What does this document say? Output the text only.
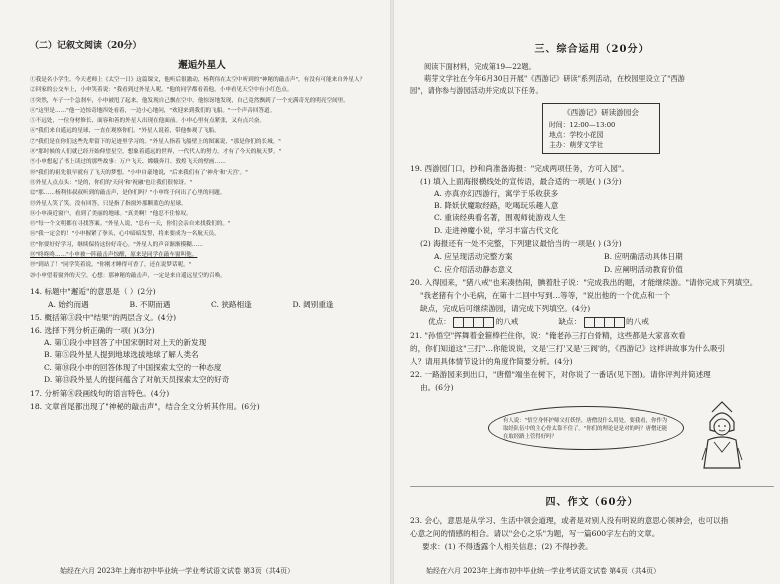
（二）记叙文阅读（20分）

邂逅外星人

①我是名小学生。今天老师上《太空一日》这篇课文，他听后很激动，杨利伟在太空中听到的"神秘的敲击声"，有没有可能来自外星人？

②回家的公交车上，小申笑着说："我看到过外星人呢。"他的同学都看着他，小申看见天空中有小红色点。

③突然，车子一个急刹车，小申被甩了起来。他发现自己飘在空中。他惊讶地发现，自己竟然飘到了一个充满奇光的明亮空间里。

④"这里是……"他一边惊奇地四处看着，一边小心地问，"欢迎来到我们的飞船。"一个声音回答道。

⑤不远处，一位身材修长、面容和善的外星人出现在他面前。小申心里有点紧张，又有点兴奋。

⑥"我们来自遥远的星球，一直在观察你们。"外星人说着，带他参观了飞船。

⑦"我们是在你们这些先辈留下的足迹里学习的。"外星人指着飞船壁上的图案说，"那是你们的长城。"

⑧"那时候的人们就已经开始仰望星空，想象着遥远的世界，一代代人的努力，才有了今天的航天梦。"

⑨小申想起了书上读过的那些故事：万户飞天、嫦娥奔月、敦煌飞天的壁画……

⑩"我们的祖先很早就有了飞天的梦想。"小申自豪地说，"后来我们有了'神舟'和'天宫'。"

⑪外星人点点头："是的，你们的'天问'和'祝融'也让我们很惊讶。"

⑫"那……杨利伟叔叔听到的敲击声，是你们吗？"小申终于问出了心里的问题。

⑬外星人笑了笑，没有回答，只是指了指窗外那颗蓝色的星球。

⑭小申凑近窗户，看到了美丽的地球。"真美啊！"他忍不住惊叹。

⑮"每一个文明都在寻找答案。"外星人说，"总有一天，你们会亲自来找我们的。"

⑯"我一定会的！"小申握紧了拳头，心中暗暗发誓，将来要成为一名航天员。

⑰"你要好好学习，继续保持这份好奇心。"外星人的声音渐渐模糊……

⑱"咚咚咚……"小申被一阵敲击声惊醒，原来是同学在敲车窗叫他。

⑲"到站了！"同学笑着说，"你刚才睡得可香了，还在说梦话呢。"

⑳小申望着窗外的天空，心想：那神秘的敲击声，一定是来自遥远星空的召唤。

14. 标题中"邂逅"的意思是（ ）(2分)

A. 始约而遇	B. 不期而遇	C. 狭路相逢	D. 阔别重逢

15. 概括第③段中"结果"的两层含义。(4分)

16. 选择下列分析正确的一项( )(3分)

A. 第①段小申回答了中国宋朝时对上天的新发现

B. 第⑤段外星人提到地球选拔地球了解人类名

C. 第⑩段小申的回答体现了中国探索太空的一种态度

D. 第⑬段外星人的提问蕴含了对航天员探索太空的好奇

17. 分析第⑧段画线句的语言特色。(4分)

18. 文章首尾都出现了"神秘的敲击声"，结合全文分析其作用。(6分)

始经在六月 2023年上海市初中毕业统一学业考试语文试卷 第3页（共4页）

三、综合运用（20分）

阅读下面材料，完成第19—22题。

萌芽文学社在今年6月30日开展"《西游记》研读"系列活动，在校园里设立了"西游

园"，请你参与游园活动并完成以下任务。

《西游记》研读游园会

时间：12:00—13:00

地点：学校小花园

主办：萌芽文学社

19. 西游园门口，抄和尚准备海报："完成两项任务，方可入园"。

(1) 填入上面海报横线处的宣传语，最合适的一项是( ) (3分)

A. 亦真亦幻西游行，寓学于乐收获多

B. 降妖伏魔取经路，吃喝玩乐趣人意

C. 重读经典看名著，围观师徒游戏人生

D. 走进神魔小说，学习丰富古代文化

(2) 海报还有一处不完整，下列建议最恰当的一项是( ) (3分)

A. 应呈现活动完整方案	B. 应明确活动具体日期
C. 应介绍活动静态意义	D. 应阐明活动教育价值

20. 入得园来，"猪八戒"也来凑热闹，腆着肚子说："完成我出的题，才能继续游。"请你完成下列填空。

"我老猪有个小毛病，在第十二回中写到…等等，"说出他的一个优点和一个

缺点，完成后可继续游园，请完成下列填空。(4分)

优点：	的八戒	缺点：	的八戒

21. "孙悟空"挥舞着金箍棒拦住你，说："俺老孙三打白骨精，这些都是大家喜欢看

的，你们知道这"三打"…你能说说，文是'三打'又是'三阀'的，《西游记》这样讲故事为什么吸引

人？请用具体情节设计的角度作简要分析。(4分)

22. 一路游园来到出口，"唐僧"端坐在树下，对你说了一番话(见下图)。请你评判并简述理

由。(6分)

有人说："悟空身怀护师父打妖怪，唐僧没什么用处，要我看，你作为取经队伍中的主心骨太靠不住了。"你们的理论是是对的吗？唐僧还能在取经路上管得好吗？

四、作文（60分）

23. 会心，意思是从学习、生活中领会道理，或者是对别人没有明说的意思心领神会，也可以指

心意之间的情感的相合。请以"会心之乐"为题，写一篇600字左右的文章。

要求：(1) 不得透露个人相关信息；(2) 不得抄袭。

始经在六月 2023年上海市初中毕业统一学业考试语文试卷 第4页（共4页）
